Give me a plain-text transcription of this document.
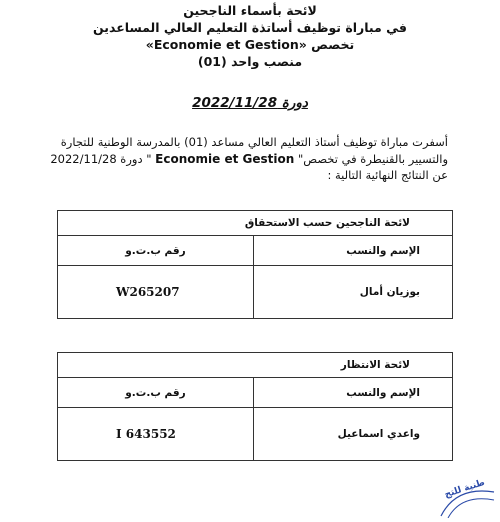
لائحة بأسماء الناجحين
في مباراة توظيف أساتذة التعليم العالي المساعدين
تخصص «Economie et Gestion»
منصب واحد (01)
دورة 2022/11/28
أسفرت مباراة توظيف أستاذ التعليم العالي مساعد (01) بالمدرسة الوطنية للتجارة
والتسيير بالقنيطرة في تخصص" Economie et Gestion " دورة 2022/11/28
عن النتائج النهائية التالية :
لائحة الناجحين حسب الاستحقاق	
الإسم والنسب	رقم ب.ت.و
بوزيان أمال	W265207
لائحة الانتظار	
الإسم والنسب	رقم ب.ت.و
واعدي اسماعيل	I 643552
طنية للتج
